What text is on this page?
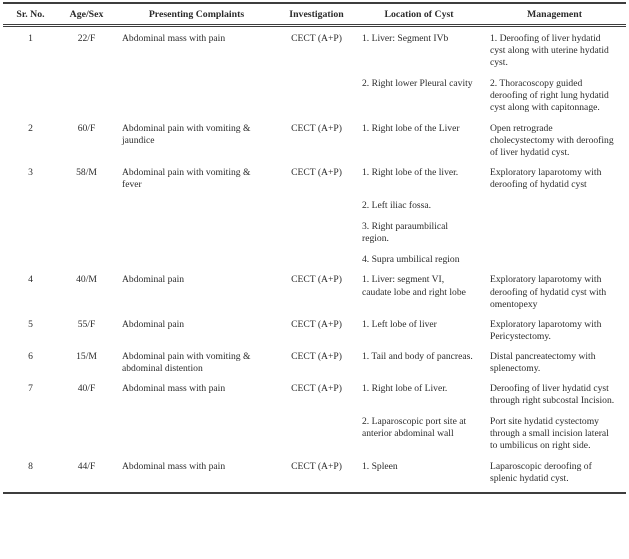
Sr. No.	Age/Sex	Presenting Complaints	Investigation	Location of Cyst	Management
1	22/F	Abdominal mass with pain	CECT (A+P)	1. Liver: Segment IVb	1. Deroofing of liver hydatid cyst along with uterine hydatid cyst.
				2. Right lower Pleural cavity	2. Thoracoscopy guided deroofing of right lung hydatid cyst along with capitonnage.
2	60/F	Abdominal pain with vomiting & jaundice	CECT (A+P)	1. Right lobe of the Liver	Open retrograde cholecystectomy with deroofing of liver hydatid cyst.
3	58/M	Abdominal pain with vomiting & fever	CECT (A+P)	1. Right lobe of the liver.	Exploratory laparotomy with deroofing of hydatid cyst
				2. Left iliac fossa.	
				3. Right paraumbilical region.	
				4. Supra umbilical region	
4	40/M	Abdominal pain	CECT (A+P)	1. Liver: segment VI, caudate lobe and right lobe	Exploratory laparotomy with deroofing of hydatid cyst with omentopexy
5	55/F	Abdominal pain	CECT (A+P)	1. Left lobe of liver	Exploratory laparotomy with Pericystectomy.
6	15/M	Abdominal pain with vomiting & abdominal distention	CECT (A+P)	1. Tail and body of pancreas.	Distal pancreatectomy with splenectomy.
7	40/F	Abdominal mass with pain	CECT (A+P)	1. Right lobe of Liver.	Deroofing of liver hydatid cyst through right subcostal Incision.
				2. Laparoscopic port site at anterior abdominal wall	Port site hydatid cystectomy through a small incision lateral to umbilicus on right side.
8	44/F	Abdominal mass with pain	CECT (A+P)	1. Spleen	Laparoscopic deroofing of splenic hydatid cyst.
